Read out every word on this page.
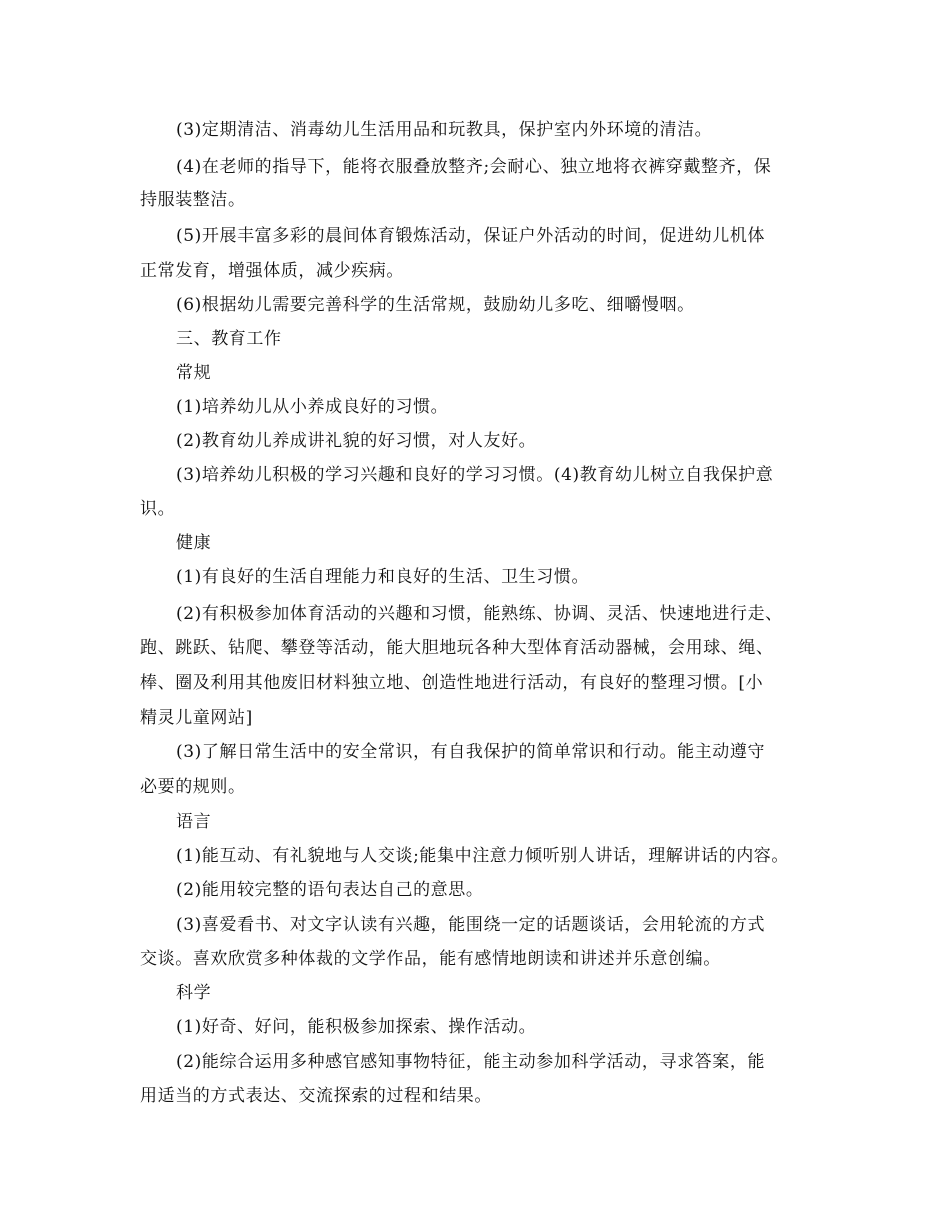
(3)定期清洁、消毒幼儿生活用品和玩教具，保护室内外环境的清洁。
(4)在老师的指导下，能将衣服叠放整齐;会耐心、独立地将衣裤穿戴整齐，保
持服装整洁。
(5)开展丰富多彩的晨间体育锻炼活动，保证户外活动的时间，促进幼儿机体
正常发育，增强体质，减少疾病。
(6)根据幼儿需要完善科学的生活常规，鼓励幼儿多吃、细嚼慢咽。
三、教育工作
常规
(1)培养幼儿从小养成良好的习惯。
(2)教育幼儿养成讲礼貌的好习惯，对人友好。
(3)培养幼儿积极的学习兴趣和良好的学习习惯。(4)教育幼儿树立自我保护意
识。
健康
(1)有良好的生活自理能力和良好的生活、卫生习惯。
(2)有积极参加体育活动的兴趣和习惯，能熟练、协调、灵活、快速地进行走、
跑、跳跃、钻爬、攀登等活动，能大胆地玩各种大型体育活动器械，会用球、绳、
棒、圈及利用其他废旧材料独立地、创造性地进行活动，有良好的整理习惯。[小
精灵儿童网站]
(3)了解日常生活中的安全常识，有自我保护的简单常识和行动。能主动遵守
必要的规则。
语言
(1)能互动、有礼貌地与人交谈;能集中注意力倾听别人讲话，理解讲话的内容。
(2)能用较完整的语句表达自己的意思。
(3)喜爱看书、对文字认读有兴趣，能围绕一定的话题谈话，会用轮流的方式
交谈。喜欢欣赏多种体裁的文学作品，能有感情地朗读和讲述并乐意创编。
科学
(1)好奇、好问，能积极参加探索、操作活动。
(2)能综合运用多种感官感知事物特征，能主动参加科学活动，寻求答案，能
用适当的方式表达、交流探索的过程和结果。
